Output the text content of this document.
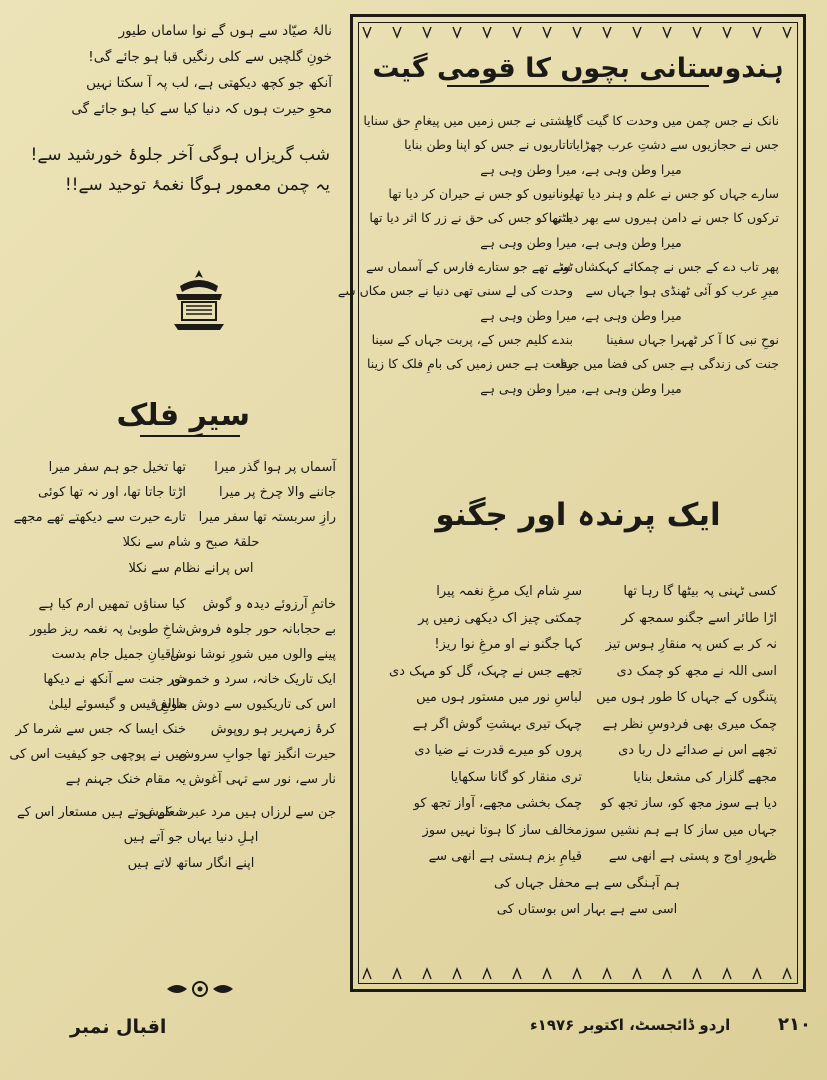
نالۂ صیّاد سے ہوں گے نوا ساماں طیور
خونِ گلچیں سے کلی رنگیں قبا ہو جائے گی!
آنکھ جو کچھ دیکھتی ہے، لب پہ آ سکتا نہیں
محوِ حیرت ہوں کہ دنیا کیا سے کیا ہو جائے گی
شب گریزاں ہوگی آخر جلوۂ خورشید سے!
یہ چمن معمور ہوگا نغمۂ توحید سے!!
سیرِ فلک
تھا تخیل جو ہم سفر میرا	آسماں پر ہوا گذر میرا
اڑتا جاتا تھا، اور نہ تھا کوئی	جاننے والا چرخ پر میرا
تارے حیرت سے دیکھتے تھے مجھے رازِ سربستہ تھا سفر میرا
حلقۂ صبح و شام سے نکلا
اس پرانے نظام سے نکلا
کیا سناؤں تمھیں ارم کیا ہے	خاتمِ آرزوئے دیدہ و گوش
شاخِ طوبیٰ پہ نغمہ ریز طیور بے حجابانہ حور جلوہ فروش
ساقیانِ جمیل جام بدست
پینے والوں میں شورِ نوشا نوش
دور جنت سے آنکھ نے دیکھا
ایک تاریک خانہ، سرد و خموش
طالعِ قیس و گیسوئے لیلیٰ
اس کی تاریکیوں سے دوش بدوش
خنک ایسا کہ جس سے شرما کر	کرۂ زمہریر ہو روپوش
میں نے پوچھی جو کیفیت اس کی
حیرت انگیز تھا جوابِ سروش
یہ مقام خنک جہنم ہے نار سے، نور سے تہی آغوش
شعلے ہوتے ہیں مستعار اس کے
جن سے لرزاں ہیں مرد عبرت کوش
اہلِ دنیا یہاں جو آتے ہیں
اپنے انگار ساتھ لاتے ہیں
اقبال نمبر
ہندوستانی بچوں کا قومی گیت
چشتی نے جس زمیں میں پیغامِ حق سنایا
نانک نے جس چمن میں وحدت کا گیت گایا
تاتاریوں نے جس کو اپنا وطن بنایا جس نے حجازیوں سے دشتِ عرب چھڑایا
میرا وطن وہی ہے، میرا وطن وہی ہے
یونانیوں کو جس نے حیران کر دیا تھا
سارے جہاں کو جس نے علم و ہنر دیا تھا
مٹی کو جس کی حق نے زر کا اثر دیا تھا
ترکوں کا جس نے دامن ہیروں سے بھر دیا تھا
میرا وطن وہی ہے، میرا وطن وہی ہے
ٹوٹے تھے جو ستارے فارس کے آسماں سے
پھر تاب دے کے جس نے چمکائے کہکشاں سے
وحدت کی لے سنی تھی دنیا نے جس مکاں سے میرِ عرب کو آئی ٹھنڈی ہوا جہاں سے
میرا وطن وہی ہے، میرا وطن وہی ہے
بندے کلیم جس کے، پربت جہاں کے سینا	نوحِ نبی کا آ کر ٹھہرا جہاں سفینا
رفعت ہے جس زمیں کی بامِ فلک کا زینا
جنت کی زندگی ہے جس کی فضا میں جینا
میرا وطن وہی ہے، میرا وطن وہی ہے
ایک پرندہ اور جگنو
سرِ شام ایک مرغِ نغمہ پیرا	کسی ٹہنی پہ بیٹھا گا رہا تھا
چمکتی چیز اک دیکھی زمیں پر	اڑا طائر اسے جگنو سمجھ کر
کہا جگنو نے او مرغِ نوا ریز!	نہ کر بے کس پہ منقارِ ہوس تیز
تجھے جس نے چہک، گل کو مہک دی	اسی اللہ نے مجھ کو چمک دی
لباسِ نور میں مستور ہوں میں	پتنگوں کے جہاں کا طور ہوں میں
چہک تیری بہشتِ گوش اگر ہے	چمک میری بھی فردوسِ نظر ہے
پروں کو میرے قدرت نے ضیا دی	تجھے اس نے صدائے دل ربا دی
تری منقار کو گانا سکھایا	مجھے گلزار کی مشعل بنایا
چمک بخشی مجھے، آواز تجھ کو	دیا ہے سوز مجھ کو، ساز تجھ کو
مخالف ساز کا ہوتا نہیں سوز جہاں میں ساز کا ہے ہم نشیں سوز
قیامِ بزم ہستی ہے انھی سے	ظہورِ اوج و پستی ہے انھی سے
ہم آہنگی سے ہے محفل جہاں کی
اسی سے ہے بہار اس بوستاں کی
اردو ڈائجسٹ، اکتوبر ۱۹۷۶ء	۲۱۰
